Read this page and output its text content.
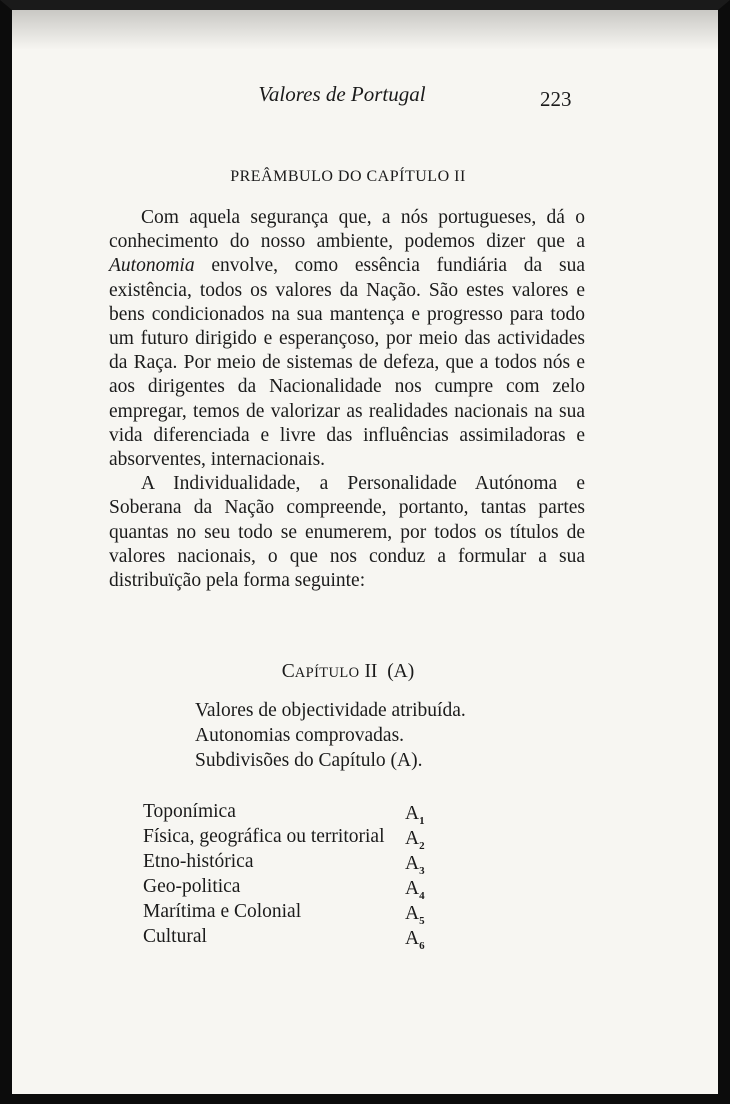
Valores de Portugal	223
PREÂMBULO DO CAPÍTULO II

Com aquela segurança que, a nós portugueses, dá o conhecimento do nosso ambiente, podemos dizer que a Autonomia envolve, como essência fundiária da sua existência, todos os valores da Nação. São estes valores e bens condicionados na sua mantença e progresso para todo um futuro dirigido e esperançoso, por meio das actividades da Raça. Por meio de sistemas de defeza, que a todos nós e aos dirigentes da Nacionalidade nos cumpre com zelo empregar, temos de valorizar as realidades nacionais na sua vida diferenciada e livre das influências assimiladoras e absorventes, internacionais.

A Individualidade, a Personalidade Autónoma e Soberana da Nação compreende, portanto, tantas partes quantas no seu todo se enumerem, por todos os títulos de valores nacionais, o que nos conduz a formular a sua distribuïção pela forma seguinte:

CAPÍTULO II (A)
Valores de objectividade atribuída.
Autonomias comprovadas.
Subdivisões do Capítulo (A).
Toponímica	$A_1$
Física, geográfica ou territorial $A_2$
Etno-histórica	$A_3$
Geo-politica	$A_4$
Marítima e Colonial	$A_5$
Cultural	$A_6$
